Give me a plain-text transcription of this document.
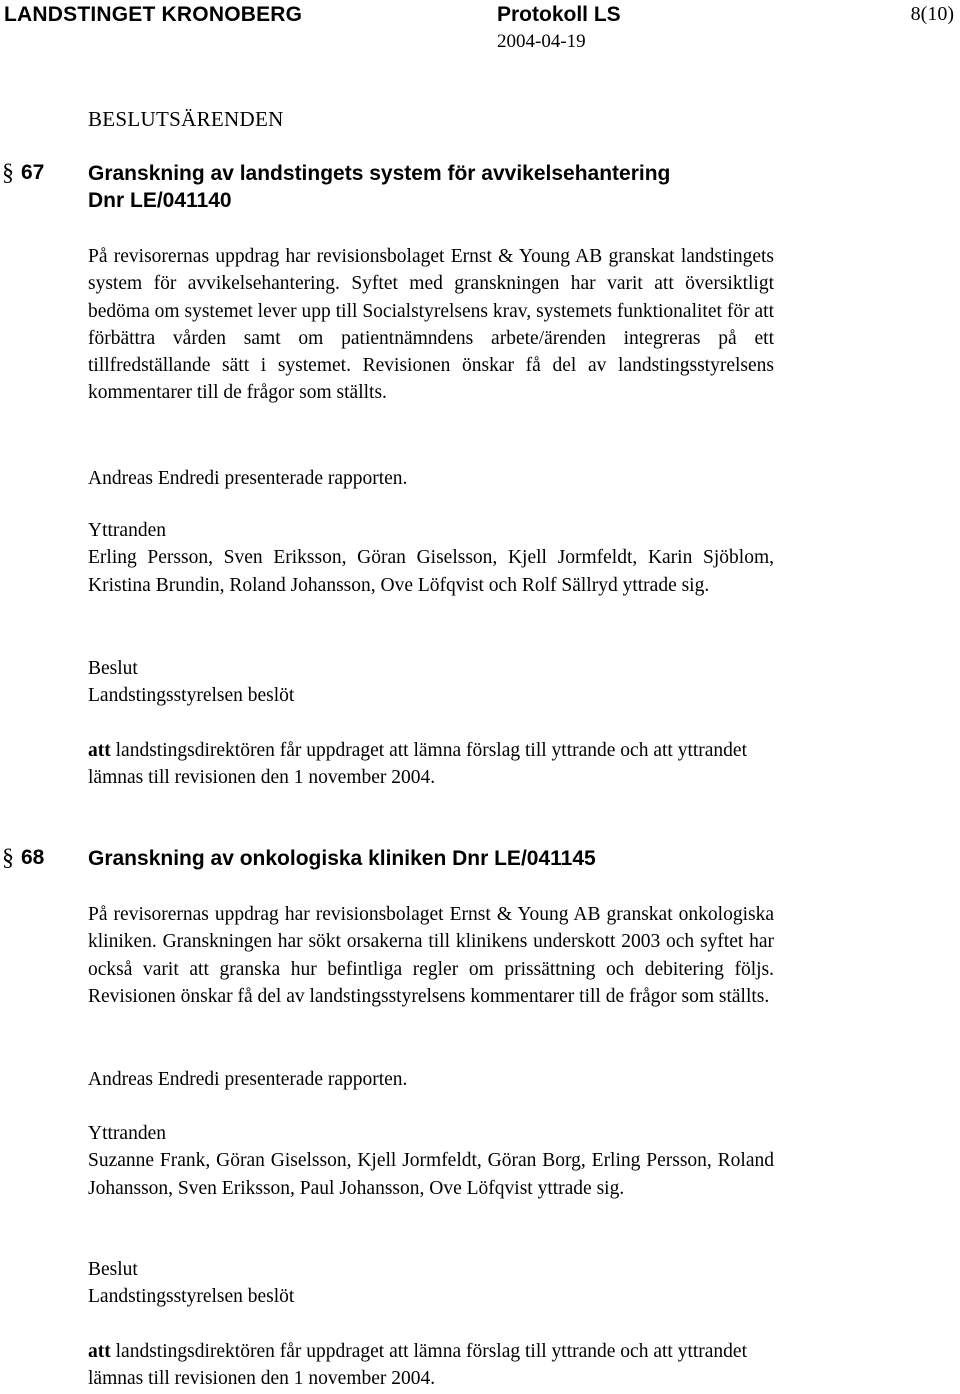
LANDSTINGET KRONOBERG	Protokoll LS
2004-04-19
8(10)
BESLUTSÄRENDEN
§ 67 Granskning av landstingets system för avvikelsehantering
Dnr LE/041140

På revisorernas uppdrag har revisionsbolaget Ernst & Young AB granskat landstingets system för avvikelsehantering. Syftet med granskningen har varit att översiktligt bedöma om systemet lever upp till Socialstyrelsens krav, systemets funktionalitet för att förbättra vården samt om patientnämndens arbete/ärenden integreras på ett tillfredställande sätt i systemet. Revisionen önskar få del av landstingsstyrelsens kommentarer till de frågor som ställts.

Andreas Endredi presenterade rapporten.

Yttranden

Erling Persson, Sven Eriksson, Göran Giselsson, Kjell Jormfeldt, Karin Sjöblom, Kristina Brundin, Roland Johansson, Ove Löfqvist och Rolf Sällryd yttrade sig.

Beslut
Landstingsstyrelsen beslöt

att landstingsdirektören får uppdraget att lämna förslag till yttrande och att yttrandet lämnas till revisionen den 1 november 2004.

§ 68 Granskning av onkologiska kliniken Dnr LE/041145

På revisorernas uppdrag har revisionsbolaget Ernst & Young AB granskat onkologiska kliniken. Granskningen har sökt orsakerna till klinikens underskott 2003 och syftet har också varit att granska hur befintliga regler om prissättning och debitering följs. Revisionen önskar få del av landstingsstyrelsens kommentarer till de frågor som ställts.

Andreas Endredi presenterade rapporten.

Yttranden

Suzanne Frank, Göran Giselsson, Kjell Jormfeldt, Göran Borg, Erling Persson, Roland Johansson, Sven Eriksson, Paul Johansson, Ove Löfqvist yttrade sig.

Beslut
Landstingsstyrelsen beslöt

att landstingsdirektören får uppdraget att lämna förslag till yttrande och att yttrandet lämnas till revisionen den 1 november 2004.
